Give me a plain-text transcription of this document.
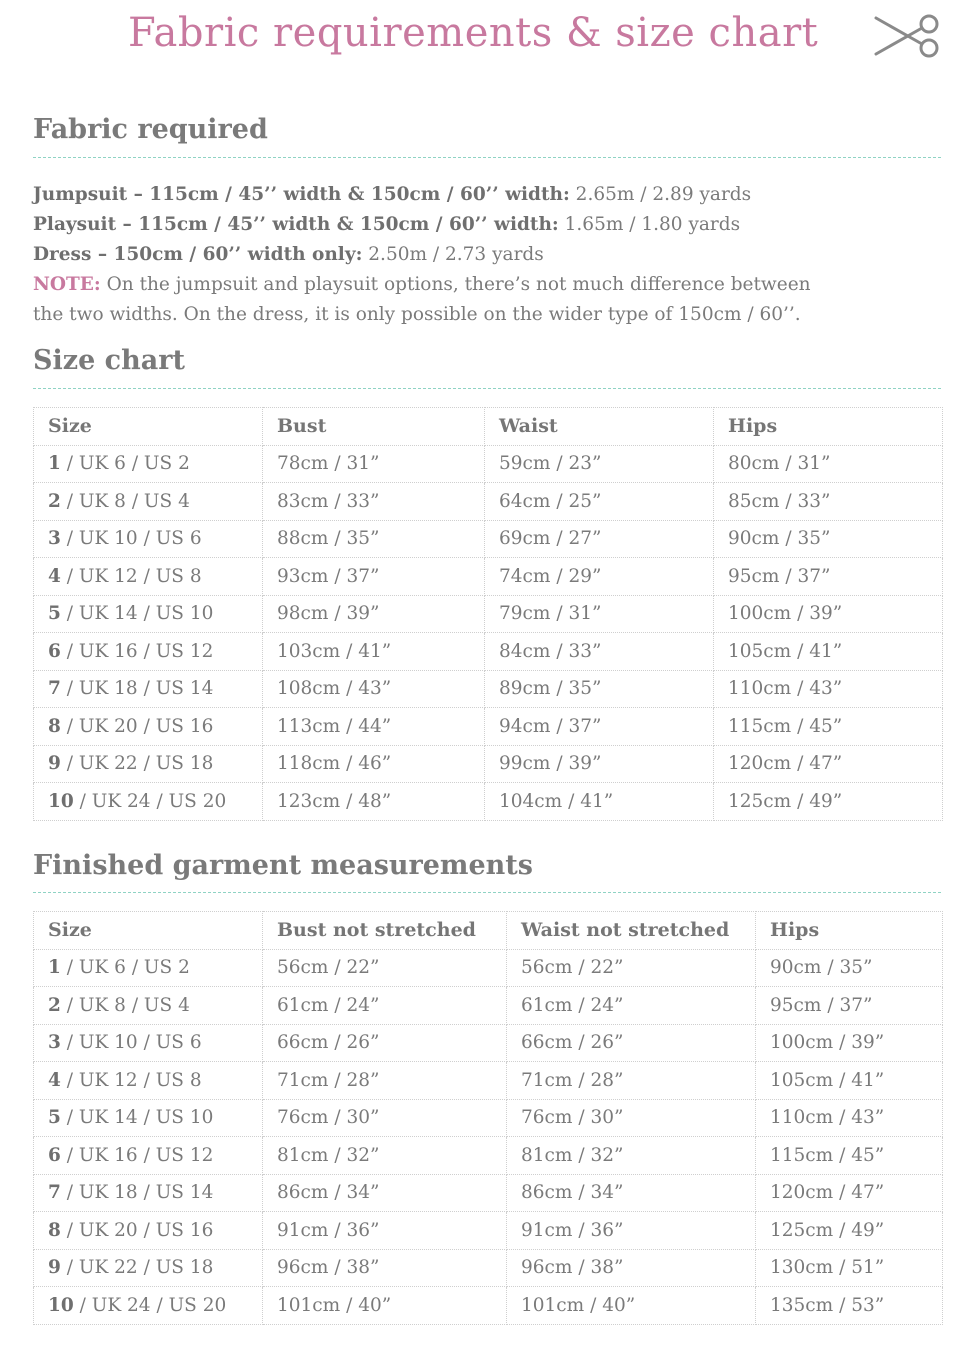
Fabric requirements & size chart
Fabric required
Jumpsuit – 115cm / 45’’ width & 150cm / 60’’ width: 2.65m / 2.89 yards
Playsuit – 115cm / 45’’ width & 150cm / 60’’ width: 1.65m / 1.80 yards
Dress – 150cm / 60’’ width only: 2.50m / 2.73 yards
NOTE: On the jumpsuit and playsuit options, there’s not much difference between
the two widths. On the dress, it is only possible on the wider type of 150cm / 60’’.
Size chart
Size	Bust	Waist	Hips
1 / UK 6 / US 2	78cm / 31”	59cm / 23”	80cm / 31”
2 / UK 8 / US 4	83cm / 33”	64cm / 25”	85cm / 33”
3 / UK 10 / US 6	88cm / 35”	69cm / 27”	90cm / 35”
4 / UK 12 / US 8	93cm / 37”	74cm / 29”	95cm / 37”
5 / UK 14 / US 10	98cm / 39”	79cm / 31”	100cm / 39”
6 / UK 16 / US 12	103cm / 41”	84cm / 33”	105cm / 41”
7 / UK 18 / US 14	108cm / 43”	89cm / 35”	110cm / 43”
8 / UK 20 / US 16	113cm / 44”	94cm / 37”	115cm / 45”
9 / UK 22 / US 18	118cm / 46”	99cm / 39”	120cm / 47”
10 / UK 24 / US 20	123cm / 48”	104cm / 41”	125cm / 49”
Finished garment measurements
Size	Bust not stretched	Waist not stretched	Hips
1 / UK 6 / US 2	56cm / 22”	56cm / 22”	90cm / 35”
2 / UK 8 / US 4	61cm / 24”	61cm / 24”	95cm / 37”
3 / UK 10 / US 6	66cm / 26”	66cm / 26”	100cm / 39”
4 / UK 12 / US 8	71cm / 28”	71cm / 28”	105cm / 41”
5 / UK 14 / US 10	76cm / 30”	76cm / 30”	110cm / 43”
6 / UK 16 / US 12	81cm / 32”	81cm / 32”	115cm / 45”
7 / UK 18 / US 14	86cm / 34”	86cm / 34”	120cm / 47”
8 / UK 20 / US 16	91cm / 36”	91cm / 36”	125cm / 49”
9 / UK 22 / US 18	96cm / 38”	96cm / 38”	130cm / 51”
10 / UK 24 / US 20	101cm / 40”	101cm / 40”	135cm / 53”
